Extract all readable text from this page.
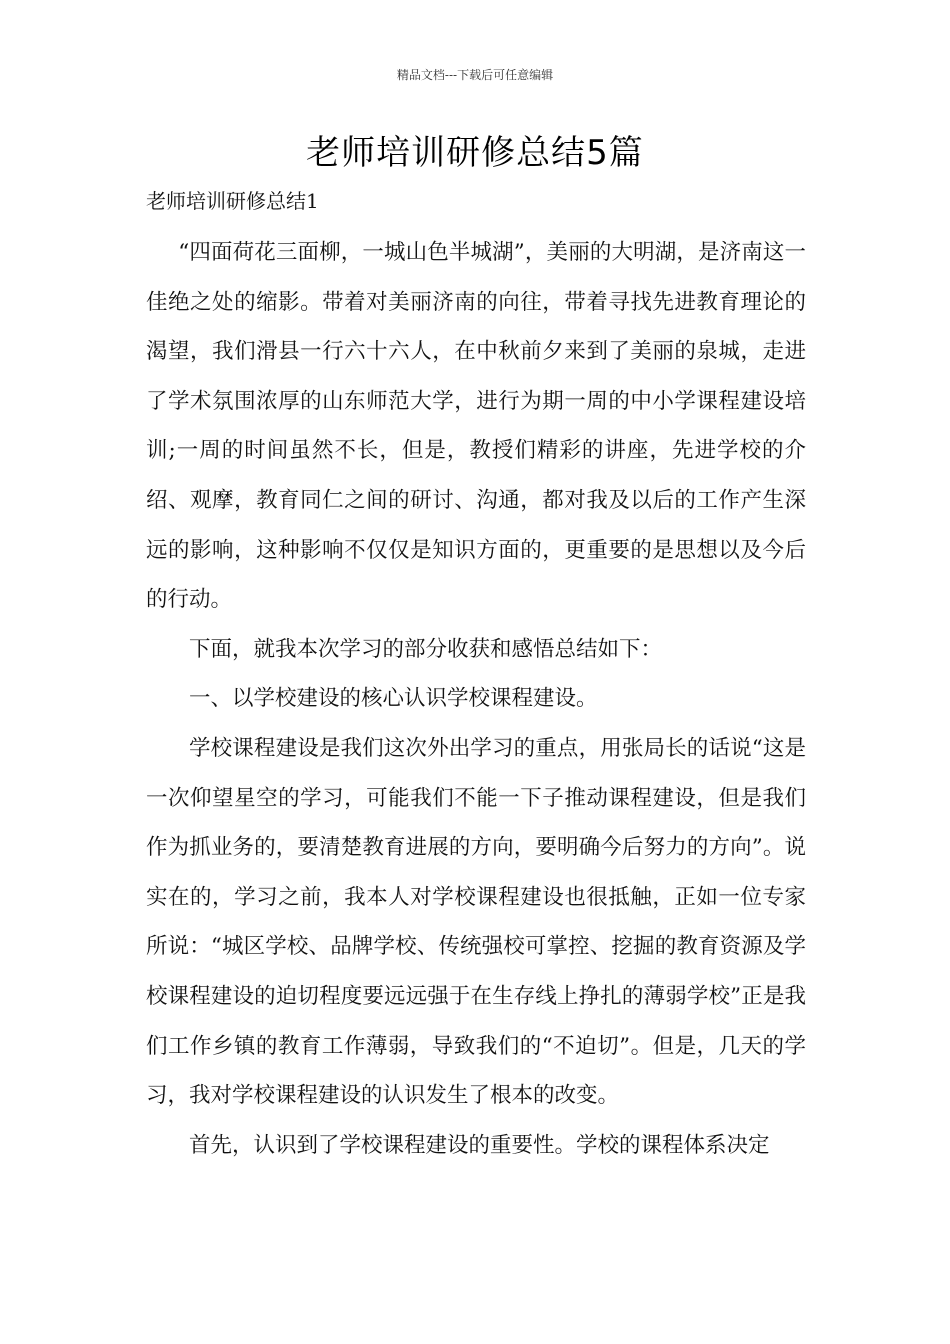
精品文档---下载后可任意编辑
老师培训研修总结5篇
老师培训研修总结1

“四面荷花三面柳，一城山色半城湖”，美丽的大明湖，是济南这一佳绝之处的缩影。带着对美丽济南的向往，带着寻找先进教育理论的渴望，我们滑县一行六十六人，在中秋前夕来到了美丽的泉城，走进了学术氛围浓厚的山东师范大学，进行为期一周的中小学课程建设培训;一周的时间虽然不长，但是，教授们精彩的讲座，先进学校的介绍、观摩，教育同仁之间的研讨、沟通，都对我及以后的工作产生深远的影响，这种影响不仅仅是知识方面的，更重要的是思想以及今后的行动。

下面，就我本次学习的部分收获和感悟总结如下：

一、以学校建设的核心认识学校课程建设。

学校课程建设是我们这次外出学习的重点，用张局长的话说“这是一次仰望星空的学习，可能我们不能一下子推动课程建设，但是我们作为抓业务的，要清楚教育进展的方向，要明确今后努力的方向”。说实在的，学习之前，我本人对学校课程建设也很抵触，正如一位专家所说：“城区学校、品牌学校、传统强校可掌控、挖掘的教育资源及学校课程建设的迫切程度要远远强于在生存线上挣扎的薄弱学校”正是我们工作乡镇的教育工作薄弱，导致我们的“不迫切”。但是，几天的学习，我对学校课程建设的认识发生了根本的改变。

首先，认识到了学校课程建设的重要性。学校的课程体系决定
